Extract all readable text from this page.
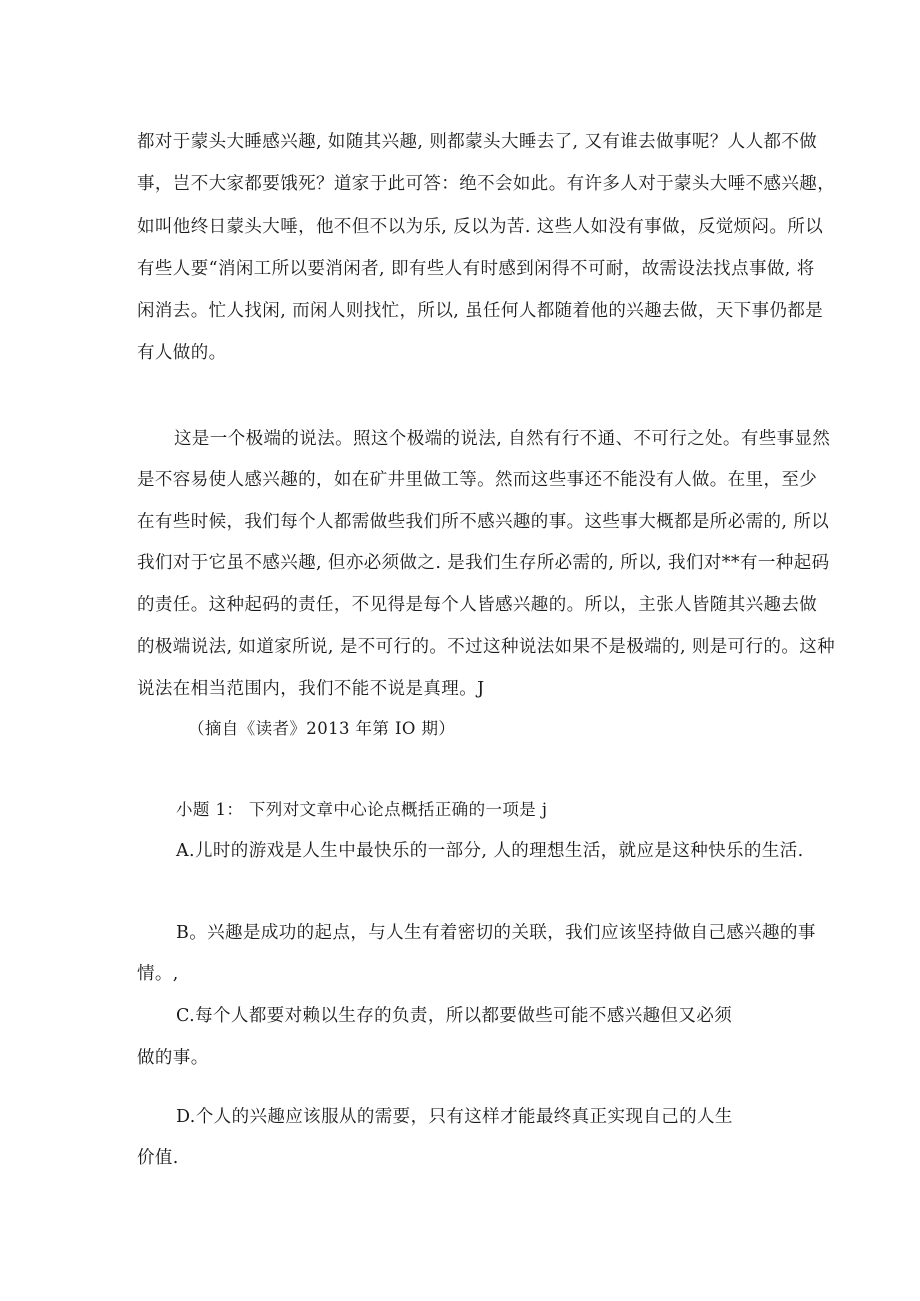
都对于蒙头大睡感兴趣, 如随其兴趣, 则都蒙头大睡去了, 又有谁去做事呢？人人都不做
事，岂不大家都要饿死？道家于此可答：绝不会如此。有许多人对于蒙头大唾不感兴趣，
如叫他终日蒙头大唾，他不但不以为乐, 反以为苦. 这些人如没有事做，反觉烦闷。所以
有些人要“消闲工所以要消闲者, 即有些人有时感到闲得不可耐，故需设法找点事做, 将
闲消去。忙人找闲, 而闲人则找忙，所以, 虽任何人都随着他的兴趣去做，天下事仍都是
有人做的。
这是一个极端的说法。照这个极端的说法, 自然有行不通、不可行之处。有些事显然
是不容易使人感兴趣的，如在矿井里做工等。然而这些事还不能没有人做。在里，至少
在有些时候，我们每个人都需做些我们所不感兴趣的事。这些事大概都是所必需的, 所以
我们对于它虽不感兴趣, 但亦必须做之. 是我们生存所必需的, 所以, 我们对**有一种起码
的责任。这种起码的责任，不见得是每个人皆感兴趣的。所以，主张人皆随其兴趣去做
的极端说法, 如道家所说, 是不可行的。不过这种说法如果不是极端的, 则是可行的。这种
说法在相当范围内，我们不能不说是真理。J
（摘自《读者》2013 年第 IO 期）
小题 1： 下列对文章中心论点概括正确的一项是 j
A.儿时的游戏是人生中最快乐的一部分, 人的理想生活，就应是这种快乐的生活.
B。兴趣是成功的起点，与人生有着密切的关联，我们应该坚持做自己感兴趣的事
情。,
C.每个人都要对赖以生存的负责，所以都要做些可能不感兴趣但又必须
做的事。
D.个人的兴趣应该服从的需要，只有这样才能最终真正实现自己的人生
价值.
